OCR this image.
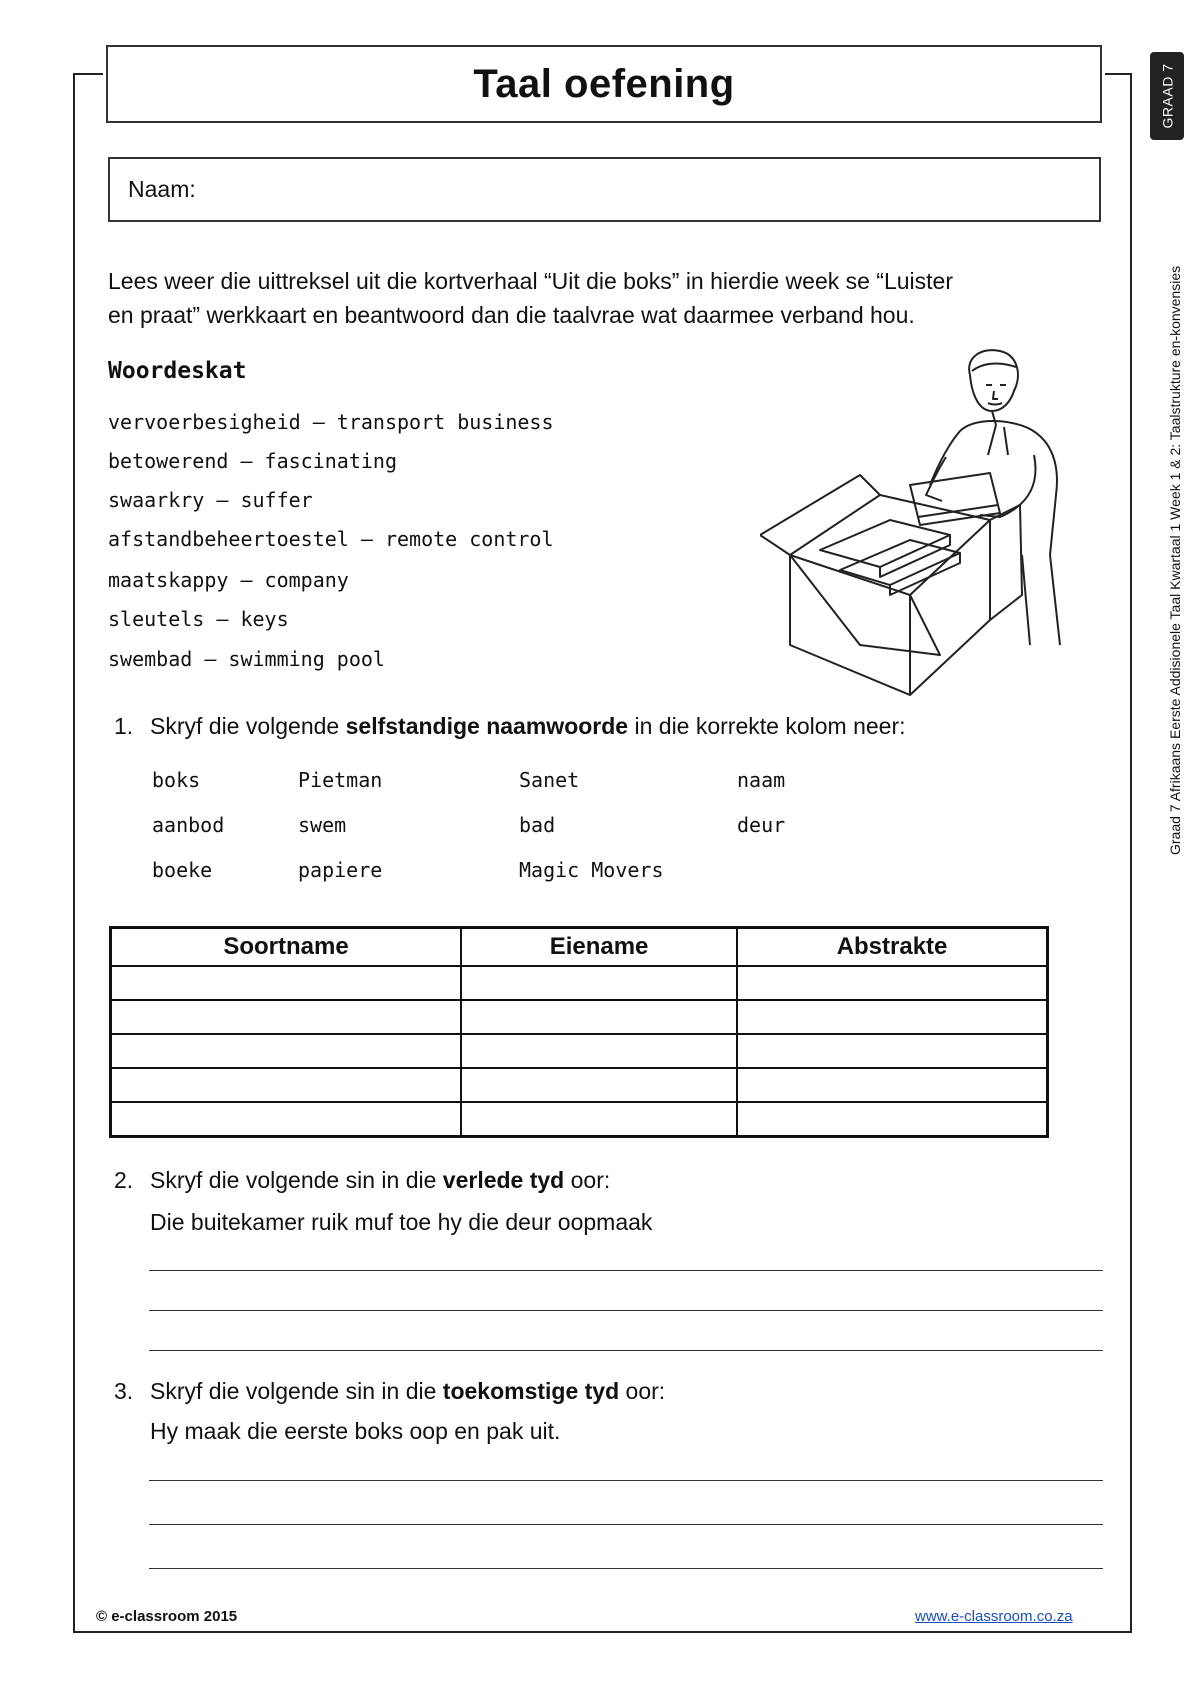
Taal oefening	GRAAD 7
Graad 7 Afrikaans Eerste Addisionele Taal Kwartaal 1 Week 1 & 2: Taalstrukture en-konvensies
Naam:
Lees weer die uittreksel uit die kortverhaal “Uit die boks” in hierdie week se “Luister
en praat” werkkaart en beantwoord dan die taalvrae wat daarmee verband hou.
Woordeskat
vervoerbesigheid – transport business
betowerend – fascinating
swaarkry – suffer
afstandbeheertoestel – remote control
maatskappy – company
sleutels – keys
swembad – swimming pool
1. Skryf die volgende selfstandige naamwoorde in die korrekte kolom neer:
boks	Pietman	Sanet	naam
aanbod	swem	bad	deur
boeke	papiere	Magic Movers
Soortname	Eiename	Abstrakte

2. Skryf die volgende sin in die verlede tyd oor:
Die buitekamer ruik muf toe hy die deur oopmaak
3. Skryf die volgende sin in die toekomstige tyd oor:
Hy maak die eerste boks oop en pak uit.
© e-classroom 2015	www.e-classroom.co.za
